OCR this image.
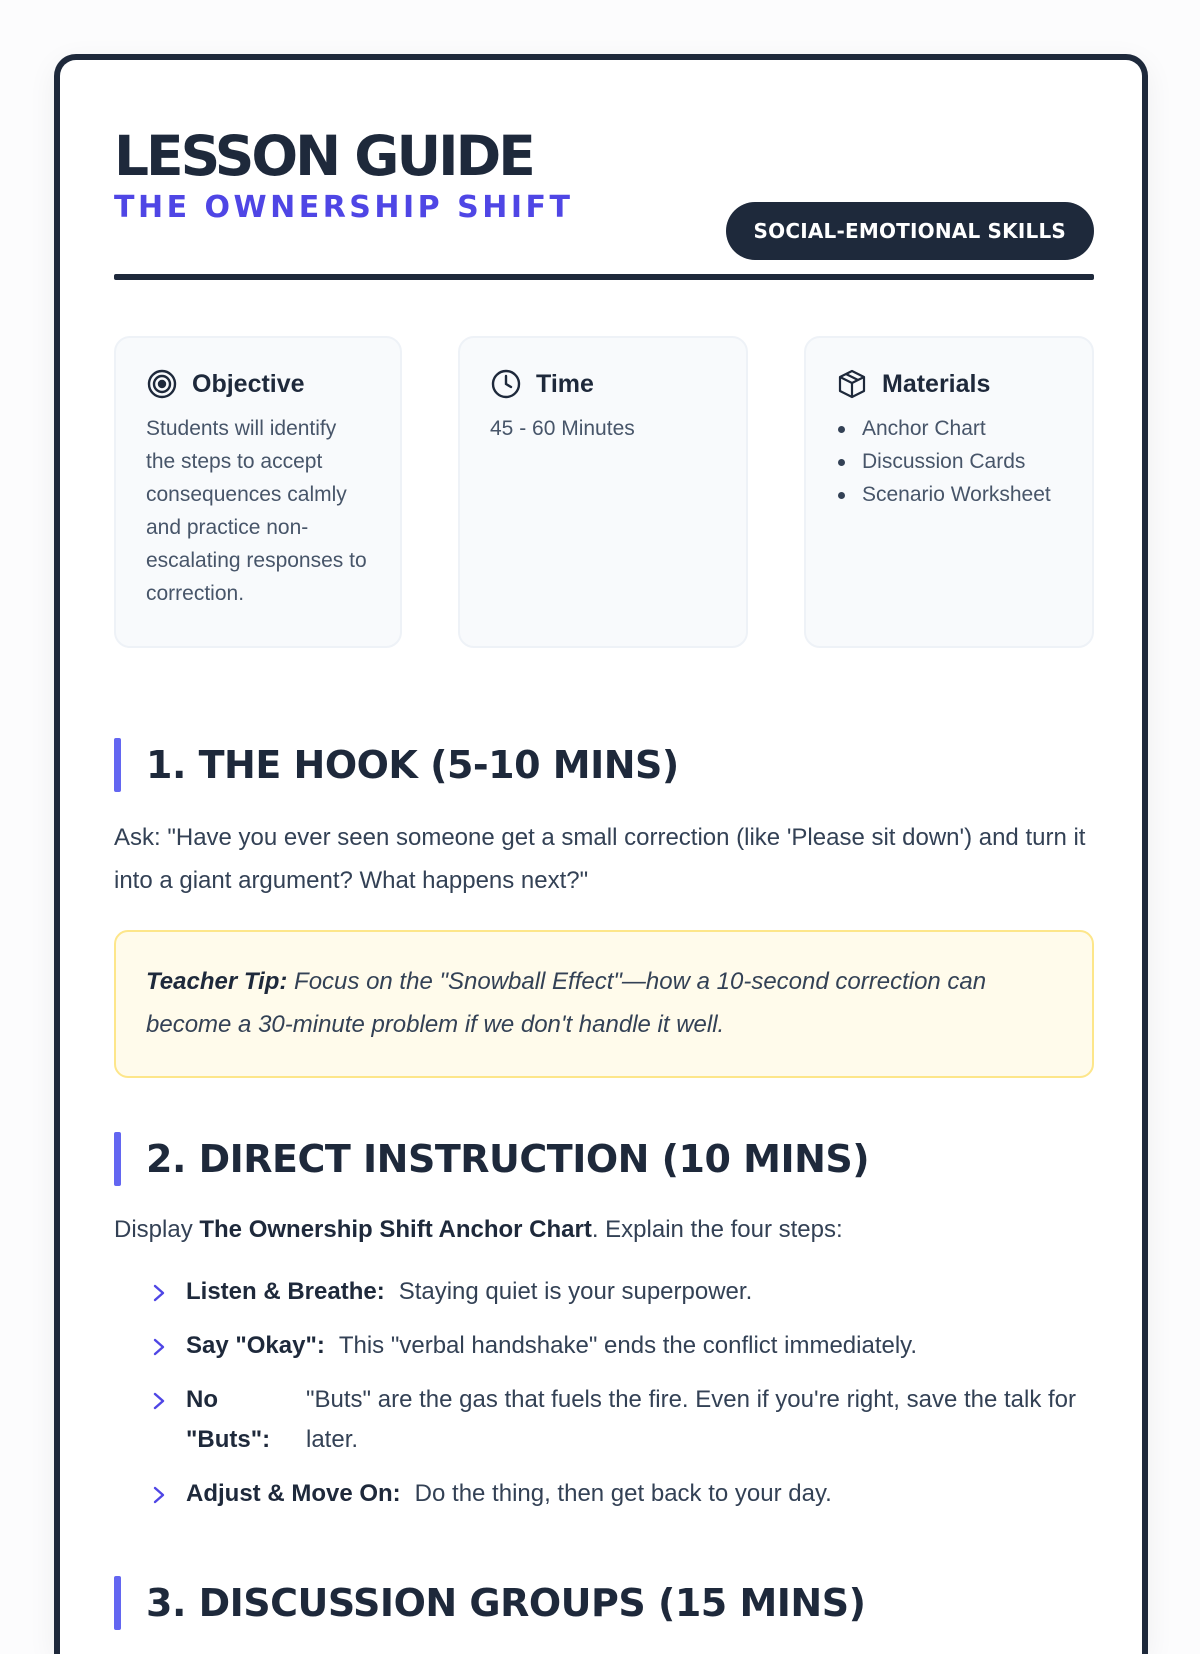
LESSON GUIDE
THE OWNERSHIP SHIFT
SOCIAL-EMOTIONAL SKILLS
Objective

Students will identify the steps to accept consequences calmly and practice non-escalating responses to correction.

Time

45 - 60 Minutes

Materials
Anchor Chart
Discussion Cards
Scenario Worksheet
1. THE HOOK (5-10 MINS)

Ask: "Have you ever seen someone get a small correction (like 'Please sit down') and turn it into a giant argument? What happens next?"

Teacher Tip: Focus on the "Snowball Effect"—how a 10-second correction can become a 30-minute problem if we don't handle it well.
2. DIRECT INSTRUCTION (10 MINS)

Display The Ownership Shift Anchor Chart. Explain the four steps:

Listen & Breathe: Staying quiet is your superpower.
Say "Okay": This "verbal handshake" ends the conflict immediately.
No "Buts":
"Buts" are the gas that fuels the fire. Even if you're right, save the talk for later.
Adjust & Move On: Do the thing, then get back to your day.
3. DISCUSSION GROUPS (15 MINS)
